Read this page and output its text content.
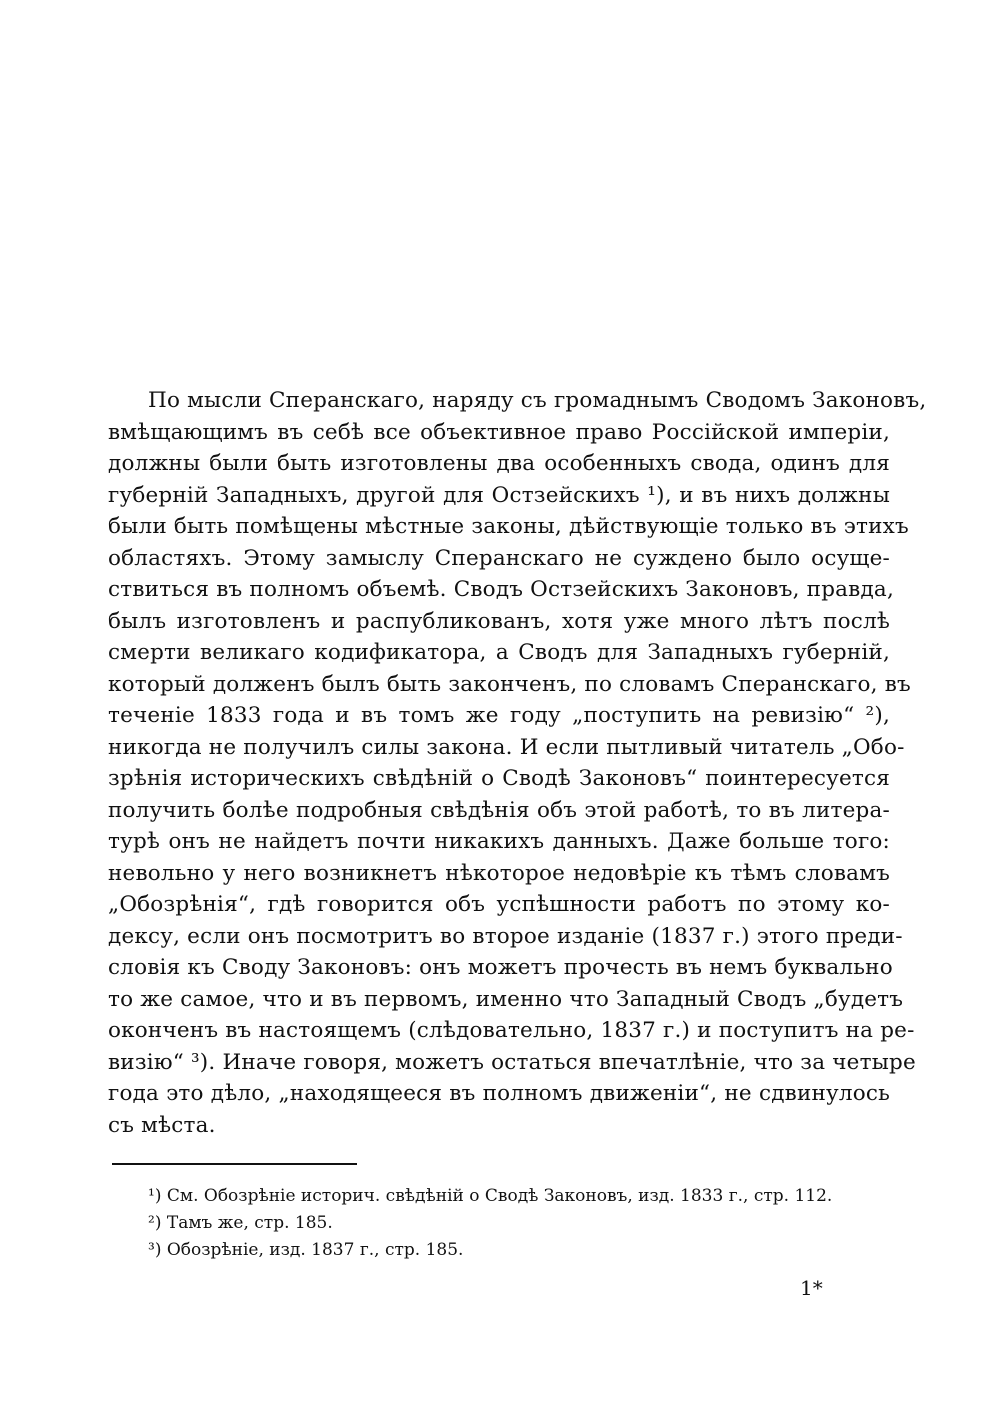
По мысли Сперанскаго, наряду съ громаднымъ Сводомъ Законовъ,
вмѣщающимъ въ себѣ все объективное право Россійской имперіи,
должны были быть изготовлены два особенныхъ свода, одинъ для
губерній Западныхъ, другой для Остзейскихъ ¹), и въ нихъ должны
были быть помѣщены мѣстные законы, дѣйствующіе только въ этихъ
областяхъ. Этому замыслу Сперанскаго не суждено было осуще-
ствиться въ полномъ объемѣ. Сводъ Остзейскихъ Законовъ, правда,
былъ изготовленъ и распубликованъ, хотя уже много лѣтъ послѣ
смерти великаго кодификатора, а Сводъ для Западныхъ губерній,
который долженъ былъ быть законченъ, по словамъ Сперанскаго, въ
теченіе 1833 года и въ томъ же году „поступить на ревизію“ ²),
никогда не получилъ силы закона. И если пытливый читатель „Обо-
зрѣнія историческихъ свѣдѣній о Сводѣ Законовъ“ поинтересуется
получить болѣе подробныя свѣдѣнія объ этой работѣ, то въ литера-
турѣ онъ не найдетъ почти никакихъ данныхъ. Даже больше того:
невольно у него возникнетъ нѣкоторое недовѣріе къ тѣмъ словамъ
„Обозрѣнія“, гдѣ говорится объ успѣшности работъ по этому ко-
дексу, если онъ посмотритъ во второе изданіе (1837 г.) этого преди-
словія къ Своду Законовъ: онъ можетъ прочесть въ немъ буквально
то же самое, что и въ первомъ, именно что Западный Сводъ „будетъ
оконченъ въ настоящемъ (слѣдовательно, 1837 г.) и поступитъ на ре-
визію“ ³). Иначе говоря, можетъ остаться впечатлѣніе, что за четыре
года это дѣло, „находящееся въ полномъ движеніи“, не сдвинулось
съ мѣста.
¹) См. Обозрѣніе историч. свѣдѣній о Сводѣ Законовъ, изд. 1833 г., стр. 112.
²) Тамъ же, стр. 185.
³) Обозрѣніе, изд. 1837 г., стр. 185.
1*
